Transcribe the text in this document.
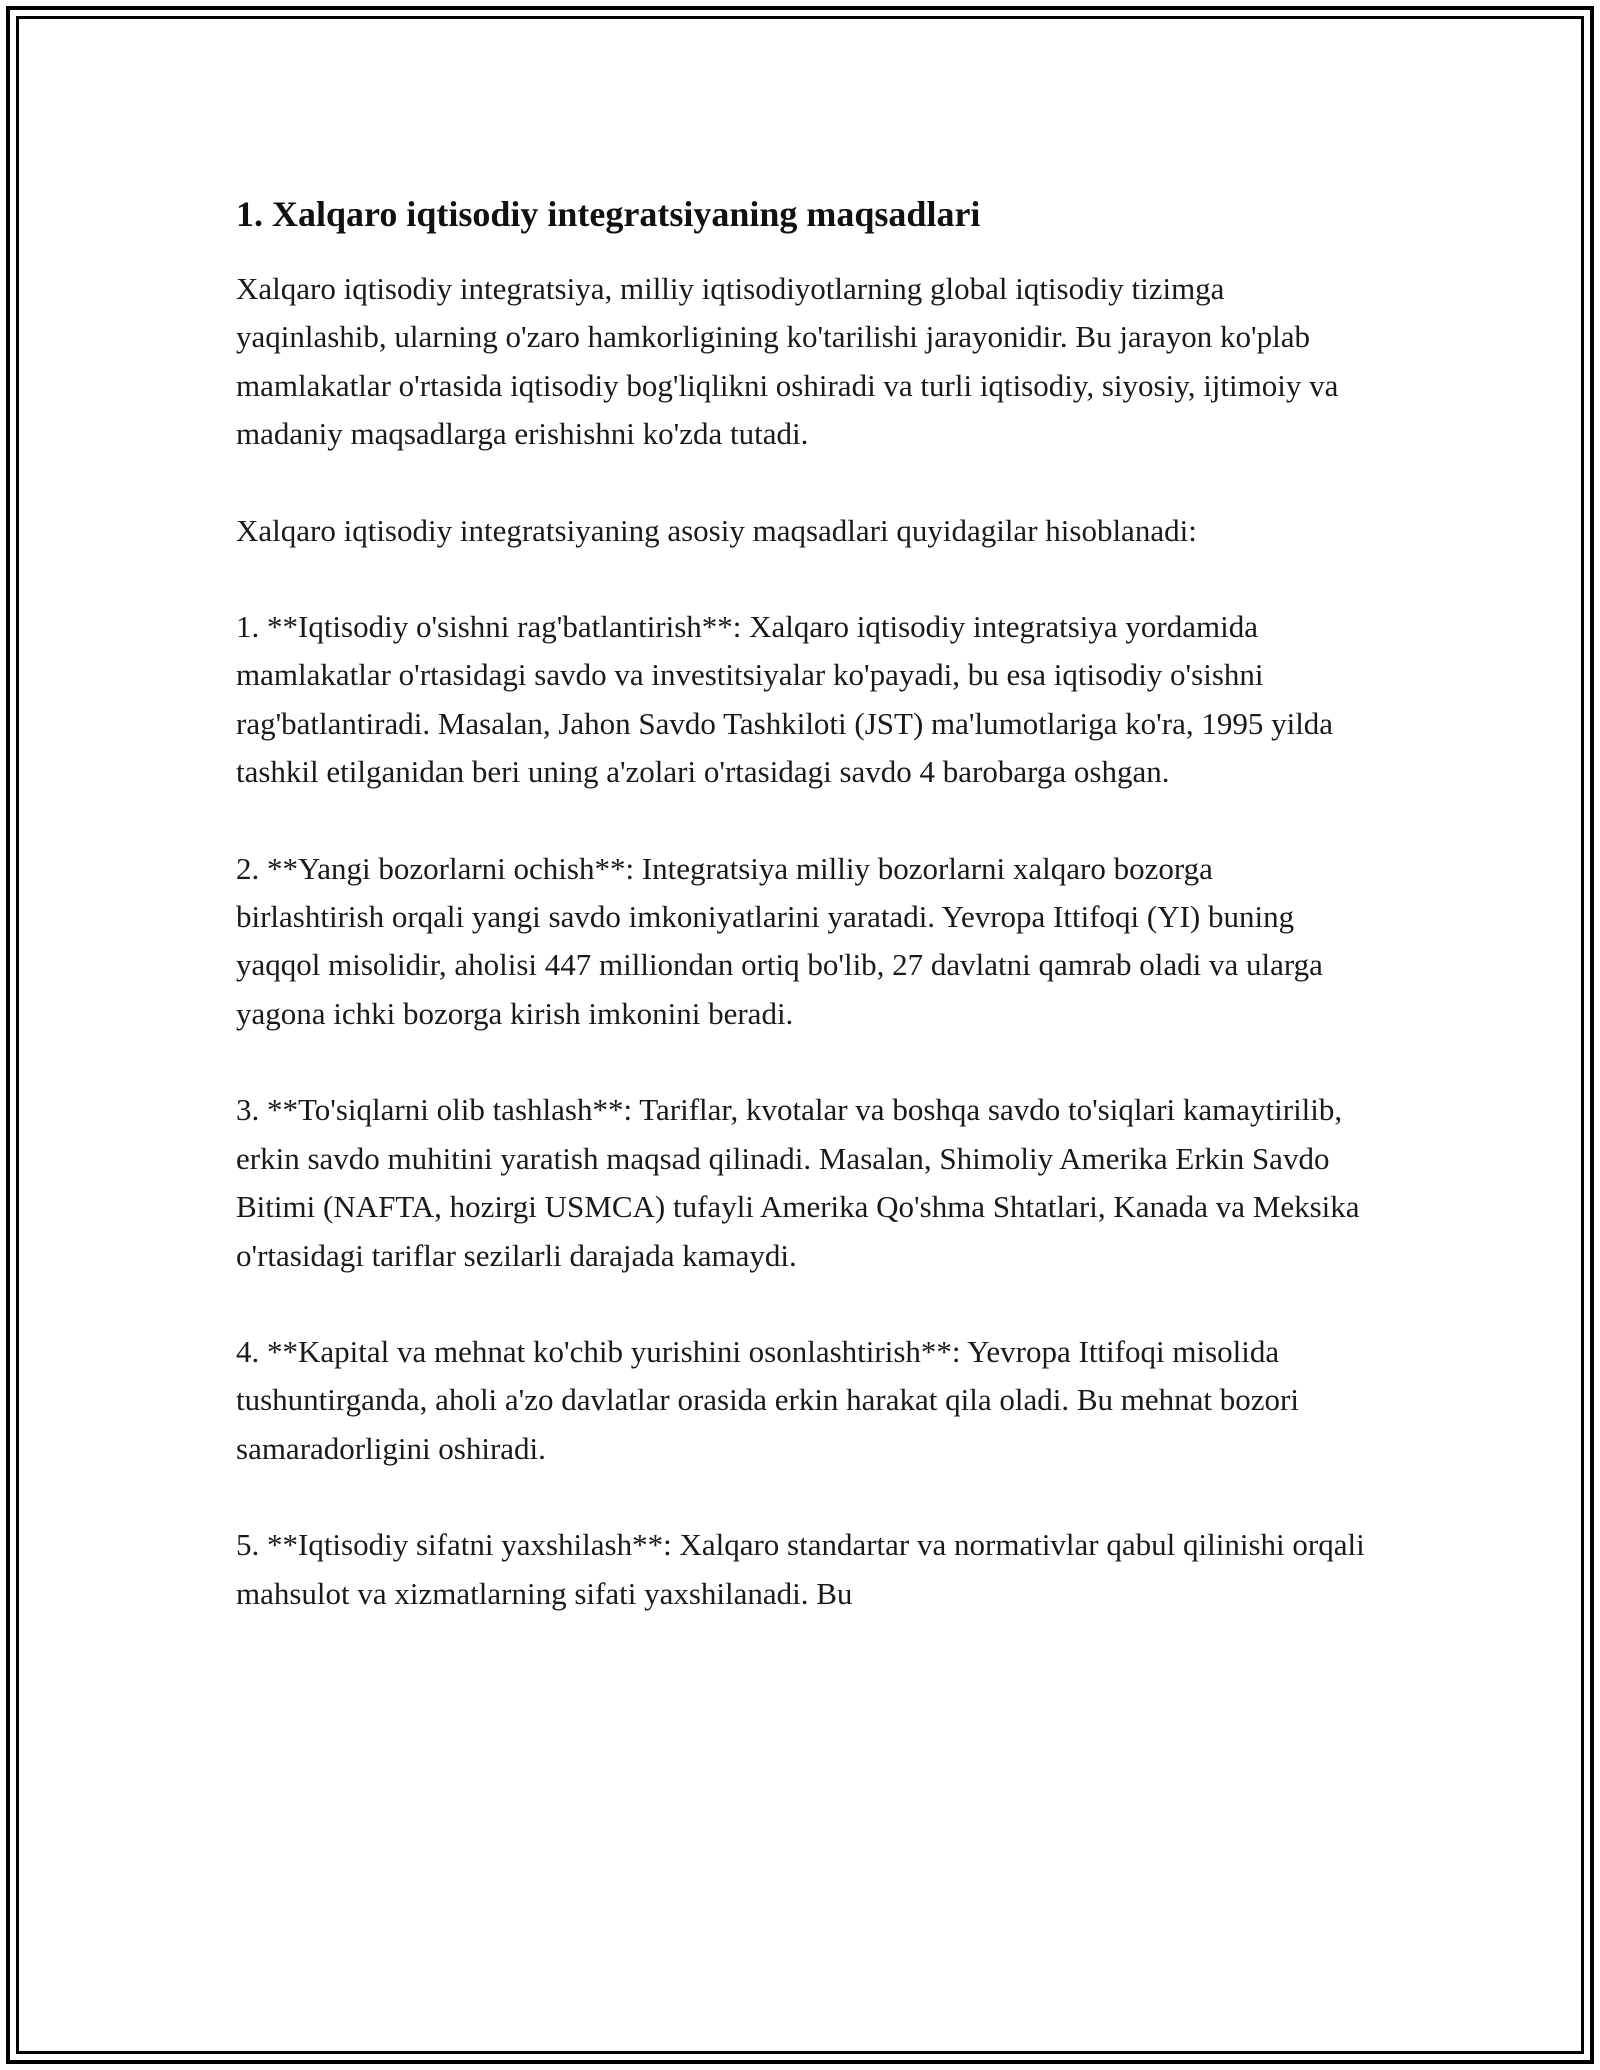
1. Xalqaro iqtisodiy integratsiyaning maqsadlari

Xalqaro iqtisodiy integratsiya, milliy iqtisodiyotlarning global iqtisodiy tizimga yaqinlashib, ularning o'zaro hamkorligining ko'tarilishi jarayonidir. Bu jarayon ko'plab mamlakatlar o'rtasida iqtisodiy bog'liqlikni oshiradi va turli iqtisodiy, siyosiy, ijtimoiy va madaniy maqsadlarga erishishni ko'zda tutadi.

Xalqaro iqtisodiy integratsiyaning asosiy maqsadlari quyidagilar hisoblanadi:

1. **Iqtisodiy o'sishni rag'batlantirish**: Xalqaro iqtisodiy integratsiya yordamida mamlakatlar o'rtasidagi savdo va investitsiyalar ko'payadi, bu esa iqtisodiy o'sishni rag'batlantiradi. Masalan, Jahon Savdo Tashkiloti (JST) ma'lumotlariga ko'ra, 1995 yilda tashkil etilganidan beri uning a'zolari o'rtasidagi savdo 4 barobarga oshgan.

2. **Yangi bozorlarni ochish**: Integratsiya milliy bozorlarni xalqaro bozorga birlashtirish orqali yangi savdo imkoniyatlarini yaratadi. Yevropa Ittifoqi (YI) buning yaqqol misolidir, aholisi 447 milliondan ortiq bo'lib, 27 davlatni qamrab oladi va ularga yagona ichki bozorga kirish imkonini beradi.

3. **To'siqlarni olib tashlash**: Tariflar, kvotalar va boshqa savdo to'siqlari kamaytirilib, erkin savdo muhitini yaratish maqsad qilinadi. Masalan, Shimoliy Amerika Erkin Savdo Bitimi (NAFTA, hozirgi USMCA) tufayli Amerika Qo'shma Shtatlari, Kanada va Meksika o'rtasidagi tariflar sezilarli darajada kamaydi.

4. **Kapital va mehnat ko'chib yurishini osonlashtirish**: Yevropa Ittifoqi misolida tushuntirganda, aholi a'zo davlatlar orasida erkin harakat qila oladi. Bu mehnat bozori samaradorligini oshiradi.

5. **Iqtisodiy sifatni yaxshilash**: Xalqaro standartar va normativlar qabul qilinishi orqali mahsulot va xizmatlarning sifati yaxshilanadi. Bu
